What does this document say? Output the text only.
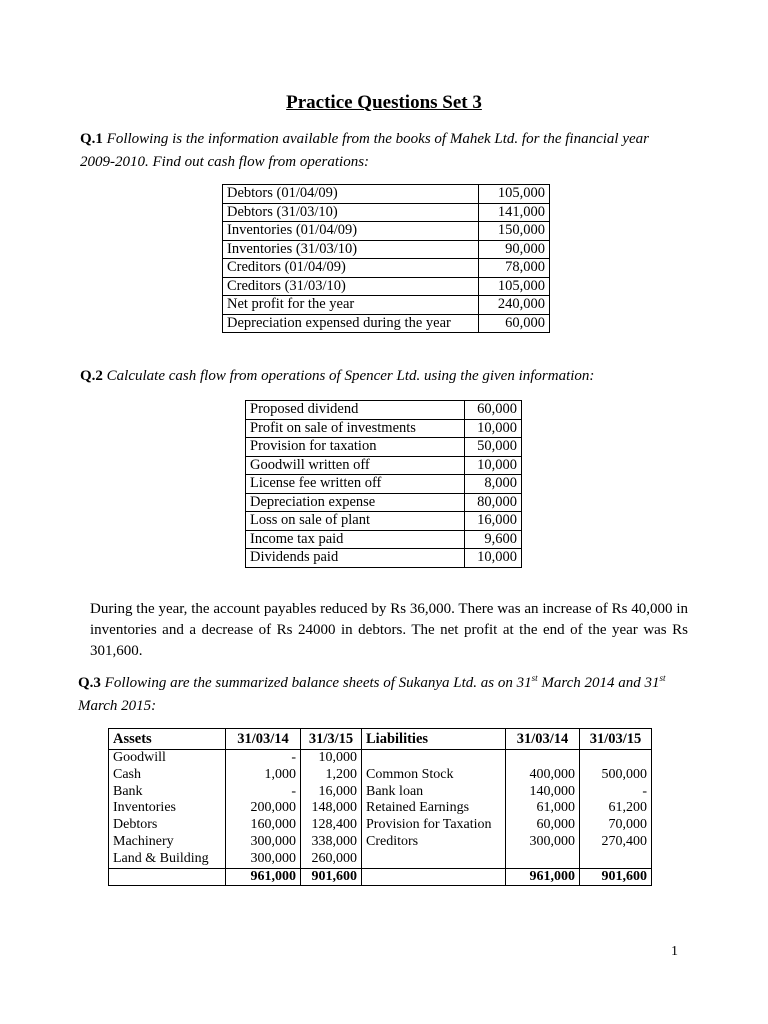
Practice Questions Set 3
Q.1 Following is the information available from the books of Mahek Ltd. for the financial year 2009-2010. Find out cash flow from operations:
Debtors (01/04/09)	105,000
Debtors (31/03/10)	141,000
Inventories (01/04/09)	150,000
Inventories (31/03/10)	90,000
Creditors (01/04/09)	78,000
Creditors (31/03/10)	105,000
Net profit for the year	240,000
Depreciation expensed during the year	60,000
Q.2 Calculate cash flow from operations of Spencer Ltd. using the given information:
Proposed dividend	60,000
Profit on sale of investments	10,000
Provision for taxation	50,000
Goodwill written off	10,000
License fee written off	8,000
Depreciation expense	80,000
Loss on sale of plant	16,000
Income tax paid	9,600
Dividends paid	10,000
During the year, the account payables reduced by Rs 36,000. There was an increase of Rs 40,000 in inventories and a decrease of Rs 24000 in debtors. The net profit at the end of the year was Rs 301,600.
Q.3 Following are the summarized balance sheets of Sukanya Ltd. as on 31st March 2014 and 31st
March 2015:
Assets	31/03/14	31/3/15	Liabilities	31/03/14	31/03/15
Goodwill	-	10,000			
Cash	1,000	1,200	Common Stock	400,000	500,000
Bank	-	16,000	Bank loan	140,000	-
Inventories	200,000	148,000	Retained Earnings	61,000	61,200
Debtors	160,000	128,400	Provision for Taxation	60,000	70,000
Machinery	300,000	338,000	Creditors	300,000	270,400
Land & Building	300,000	260,000			
	961,000	901,600		961,000	901,600
1
